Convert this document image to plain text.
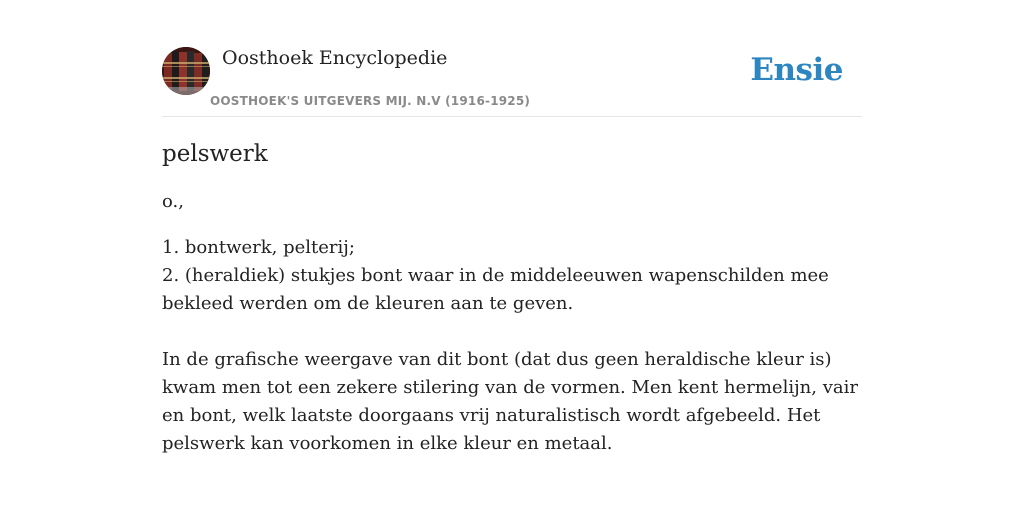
Oosthoek Encyclopedie
OOSTHOEK'S UITGEVERS MIJ. N.V (1916-1925)
Ensie
pelswerk

o.,

1. bontwerk, pelterij;

2. (heraldiek) stukjes bont waar in de middeleeuwen wapenschilden mee bekleed werden om de kleuren aan te geven.

In de grafische weergave van dit bont (dat dus geen heraldische kleur is) kwam men tot een zekere stilering van de vormen. Men kent hermelijn, vair en bont, welk laatste doorgaans vrij naturalistisch wordt afgebeeld. Het pelswerk kan voorkomen in elke kleur en metaal.
